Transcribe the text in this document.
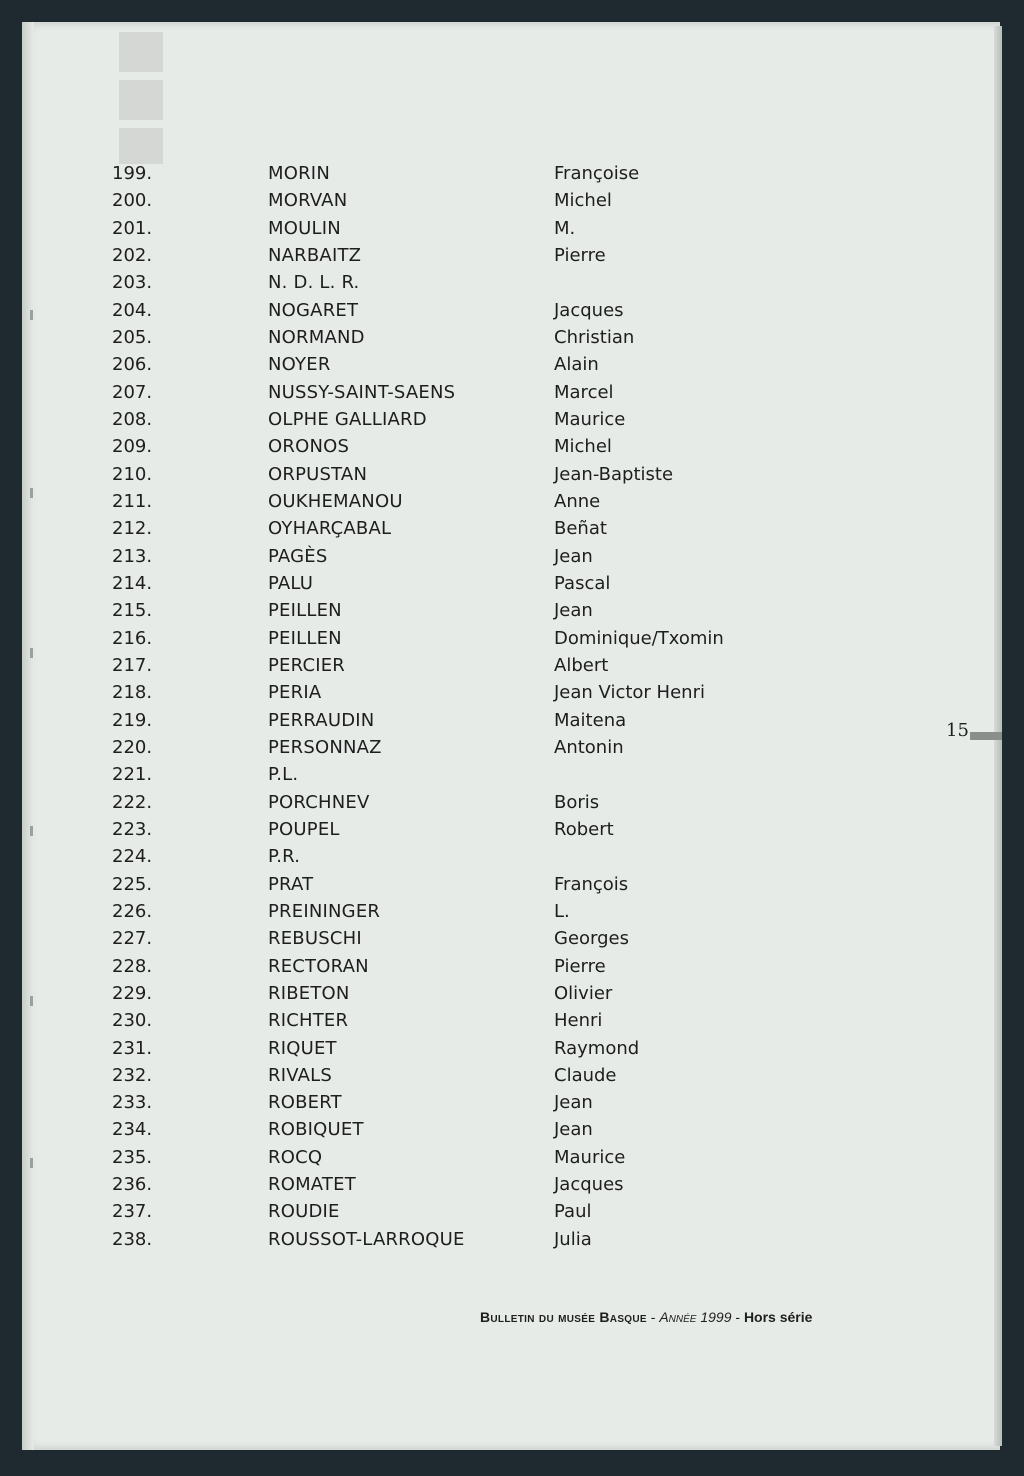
199.	MORIN	Françoise
200.	MORVAN	Michel
201.	MOULIN	M.
202.	NARBAITZ	Pierre
203.	N. D. L. R.
204.	NOGARET	Jacques
205.	NORMAND	Christian
206.	NOYER	Alain
207.	NUSSY-SAINT-SAENS	Marcel
208.	OLPHE GALLIARD	Maurice
209.	ORONOS	Michel
210.	ORPUSTAN	Jean-Baptiste
211.	OUKHEMANOU	Anne
212.	OYHARÇABAL	Beñat
213.	PAGÈS	Jean
214.	PALU	Pascal
215.	PEILLEN	Jean
216.	PEILLEN	Dominique/Txomin
217.	PERCIER	Albert
218.	PERIA	Jean Victor Henri
219.	PERRAUDIN	Maitena
220.	PERSONNAZ	Antonin
221.	P.L.
222.	PORCHNEV	Boris
223.	POUPEL	Robert
224.	P.R.
225.	PRAT	François
226.	PREININGER	L.
227.	REBUSCHI	Georges
228.	RECTORAN	Pierre
229.	RIBETON	Olivier
230.	RICHTER	Henri
231.	RIQUET	Raymond
232.	RIVALS	Claude
233.	ROBERT	Jean
234.	ROBIQUET	Jean
235.	ROCQ	Maurice
236.	ROMATET	Jacques
237.	ROUDIE	Paul
238.	ROUSSOT-LARROQUE	Julia
15
Bulletin du musée Basque - Année 1999 - Hors série
